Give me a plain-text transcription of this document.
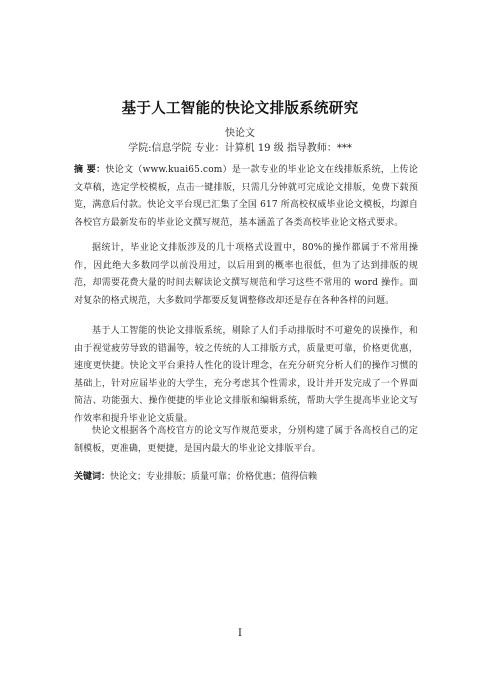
基于人工智能的快论文排版系统研究
快论文
学院:信息学院 专业：计算机 19 级 指导教师：***
摘 要：快论文（www.kuai65.com）是一款专业的毕业论文在线排版系统，上传论文草稿，选定学校模板，点击一键排版，只需几分钟就可完成论文排版，免费下载预览，满意后付款。快论文平台现已汇集了全国 617 所高校权威毕业论文模板，均源自各校官方最新发布的毕业论文撰写规范，基本涵盖了各类高校毕业论文格式要求。
据统计，毕业论文排版涉及的几十项格式设置中，80%的操作都属于不常用操作，因此绝大多数同学以前没用过，以后用到的概率也很低，但为了达到排版的规范，却需要花费大量的时间去解读论文撰写规范和学习这些不常用的 word 操作。面对复杂的格式规范，大多数同学都要反复调整修改却还是存在各种各样的问题。
基于人工智能的快论文排版系统，剔除了人们手动排版时不可避免的误操作，和由于视觉疲劳导致的错漏等，较之传统的人工排版方式，质量更可靠，价格更优惠，速度更快捷。快论文平台秉持人性化的设计理念，在充分研究分析人们的操作习惯的基础上，针对应届毕业的大学生，充分考虑其个性需求，设计并开发完成了一个界面简洁、功能强大、操作便捷的毕业论文排版和编辑系统，帮助大学生提高毕业论文写作效率和提升毕业论文质量。
快论文根据各个高校官方的论文写作规范要求，分别构建了属于各高校自己的定制模板，更准确，更便捷，是国内最大的毕业论文排版平台。
关键词：快论文；专业排版；质量可靠；价格优惠；值得信赖
I
